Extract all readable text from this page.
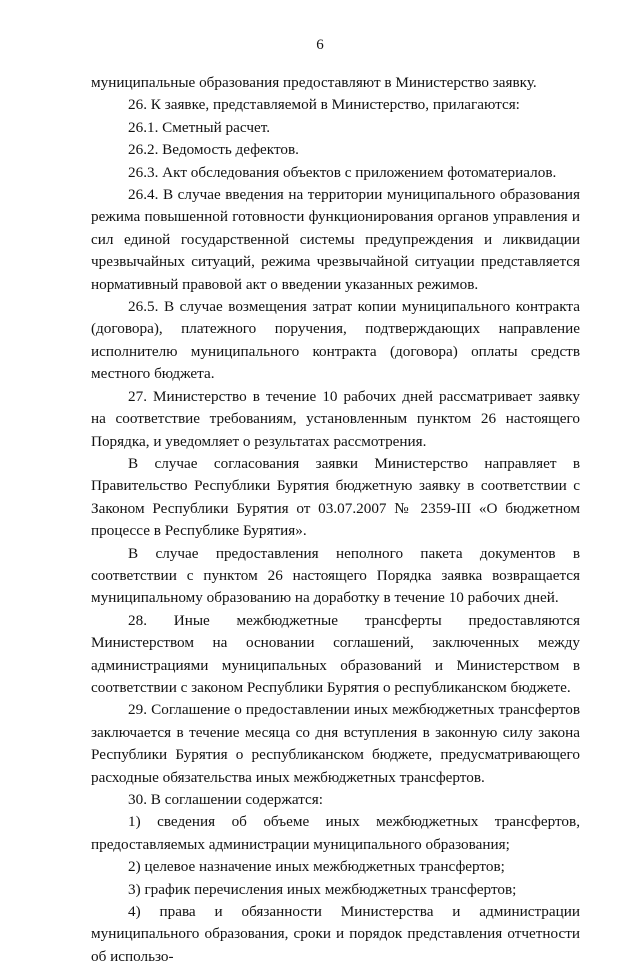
6

муниципальные образования предоставляют в Министерство заявку.

26. К заявке, представляемой в Министерство, прилагаются:

26.1. Сметный расчет.

26.2. Ведомость дефектов.

26.3. Акт обследования объектов с приложением фотоматериалов.

26.4. В случае введения на территории муниципального образования режима повышенной готовности функционирования органов управления и сил единой государственной системы предупреждения и ликвидации чрезвычайных ситуаций, режима чрезвычайной ситуации представляется нормативный правовой акт о введении указанных режимов.

26.5. В случае возмещения затрат копии муниципального контракта (договора), платежного поручения, подтверждающих направление исполнителю муниципального контракта (договора) оплаты средств местного бюджета.

27. Министерство в течение 10 рабочих дней рассматривает заявку на соответствие требованиям, установленным пунктом 26 настоящего Порядка, и уведомляет о результатах рассмотрения.

В случае согласования заявки Министерство направляет в Правительство Республики Бурятия бюджетную заявку в соответствии с Законом Республики Бурятия от 03.07.2007 № 2359-III «О бюджетном процессе в Республике Бурятия».

В случае предоставления неполного пакета документов в соответствии с пунктом 26 настоящего Порядка заявка возвращается муниципальному образованию на доработку в течение 10 рабочих дней.

28. Иные межбюджетные трансферты предоставляются Министерством на основании соглашений, заключенных между администрациями муниципальных образований и Министерством в соответствии с законом Республики Бурятия о республиканском бюджете.

29. Соглашение о предоставлении иных межбюджетных трансфертов заключается в течение месяца со дня вступления в законную силу закона Республики Бурятия о республиканском бюджете, предусматривающего расходные обязательства иных межбюджетных трансфертов.

30. В соглашении содержатся:

1) сведения об объеме иных межбюджетных трансфертов, предоставляемых администрации муниципального образования;

2) целевое назначение иных межбюджетных трансфертов;

3) график перечисления иных межбюджетных трансфертов;

4) права и обязанности Министерства и администрации муниципального образования, сроки и порядок представления отчетности об использо-
